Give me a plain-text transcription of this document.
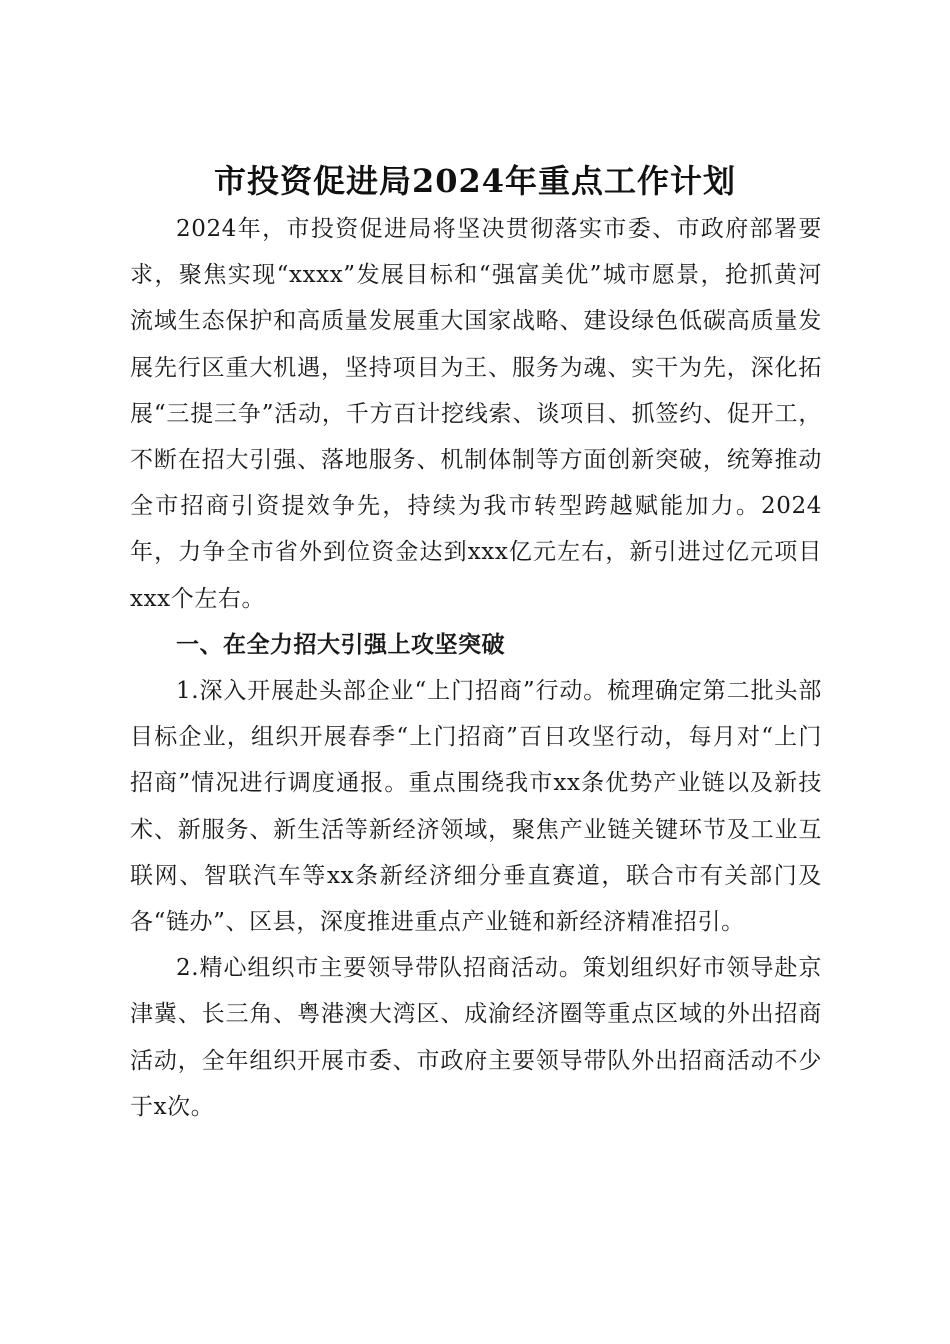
市投资促进局2024年重点工作计划

2024年，市投资促进局将坚决贯彻落实市委、市政府部署要求，聚焦实现“xxxx”发展目标和“强富美优”城市愿景，抢抓黄河流域生态保护和高质量发展重大国家战略、建设绿色低碳高质量发展先行区重大机遇，坚持项目为王、服务为魂、实干为先，深化拓展“三提三争”活动，千方百计挖线索、谈项目、抓签约、促开工，不断在招大引强、落地服务、机制体制等方面创新突破，统筹推动全市招商引资提效争先，持续为我市转型跨越赋能加力。2024年，力争全市省外到位资金达到xxx亿元左右，新引进过亿元项目xxx个左右。

一、在全力招大引强上攻坚突破

1.深入开展赴头部企业“上门招商”行动。梳理确定第二批头部目标企业，组织开展春季“上门招商”百日攻坚行动，每月对“上门招商”情况进行调度通报。重点围绕我市xx条优势产业链以及新技术、新服务、新生活等新经济领域，聚焦产业链关键环节及工业互联网、智联汽车等xx条新经济细分垂直赛道，联合市有关部门及各“链办”、区县，深度推进重点产业链和新经济精准招引。

2.精心组织市主要领导带队招商活动。策划组织好市领导赴京津冀、长三角、粤港澳大湾区、成渝经济圈等重点区域的外出招商活动，全年组织开展市委、市政府主要领导带队外出招商活动不少于x次。
